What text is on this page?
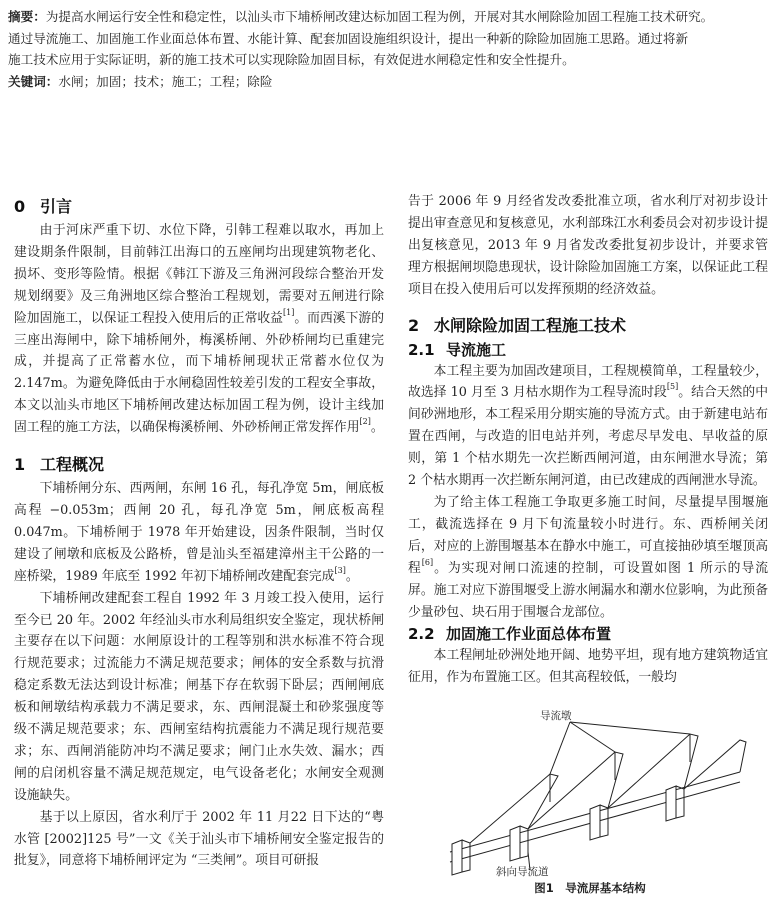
摘要：为提高水闸运行安全性和稳定性，以汕头市下埔桥闸改建达标加固工程为例，开展对其水闸除险加固工程施工技术研究。

通过导流施工、加固施工作业面总体布置、水能计算、配套加固设施组织设计，提出一种新的除险加固施工思路。通过将新

施工技术应用于实际证明，新的施工技术可以实现除险加固目标，有效促进水闸稳定性和安全性提升。

关键词：水闸；加固；技术；施工；工程；除险

0 引言

由于河床严重下切、水位下降，引韩工程难以取水，再加上建设期条件限制，目前韩江出海口的五座闸均出现建筑物老化、损坏、变形等险情。根据《韩江下游及三角洲河段综合整治开发规划纲要》及三角洲地区综合整治工程规划，需要对五闸进行除险加固施工，以保证工程投入使用后的正常收益[1]。而西溪下游的三座出海闸中，除下埔桥闸外，梅溪桥闸、外砂桥闸均已重建完成，并提高了正常蓄水位，而下埔桥闸现状正常蓄水位仅为 2.147m。为避免降低由于水闸稳固性较差引发的工程安全事故，本文以汕头市地区下埔桥闸改建达标加固工程为例，设计主线加固工程的施工方法，以确保梅溪桥闸、外砂桥闸正常发挥作用[2]。

1 工程概况

下埔桥闸分东、西两闸，东闸 16 孔，每孔净宽 5m，闸底板高程 −0.053m；西闸 20 孔，每孔净宽 5m，闸底板高程 0.047m。下埔桥闸于 1978 年开始建设，因条件限制，当时仅建设了闸墩和底板及公路桥，曾是汕头至福建漳州主干公路的一座桥梁，1989 年底至 1992 年初下埔桥闸改建配套完成[3]。

下埔桥闸改建配套工程自 1992 年 3 月竣工投入使用，运行至今已 20 年。2002 年经汕头市水利局组织安全鉴定，现状桥闸主要存在以下问题：水闸原设计的工程等别和洪水标准不符合现行规范要求；过流能力不满足规范要求；闸体的安全系数与抗滑稳定系数无法达到设计标准；闸基下存在软弱下卧层；西闸闸底板和闸墩结构承载力不满足要求，东、西闸混凝土和砂浆强度等级不满足规范要求；东、西闸室结构抗震能力不满足现行规范要求；东、西闸消能防冲均不满足要求；闸门止水失效、漏水；西闸的启闭机容量不满足规范规定，电气设备老化；水闸安全观测设施缺失。

基于以上原因，省水利厅于 2002 年 11 月22 日下达的“粤水管 [2002]125 号”一文《关于汕头市下埔桥闸安全鉴定报告的批复》，同意将下埔桥闸评定为 “三类闸”。项目可研报

告于 2006 年 9 月经省发改委批准立项，省水利厅对初步设计提出审查意见和复核意见，水利部珠江水利委员会对初步设计提出复核意见，2013 年 9 月省发改委批复初步设计，并要求管理方根据闸坝隐患现状，设计除险加固施工方案，以保证此工程项目在投入使用后可以发挥预期的经济效益。

2 水闸除险加固工程施工技术
2.1 导流施工

本工程主要为加固改建项目，工程规模简单，工程量较少，故选择 10 月至 3 月枯水期作为工程导流时段[5]。结合天然的中间砂洲地形，本工程采用分期实施的导流方式。由于新建电站布置在西闸，与改造的旧电站并列，考虑尽早发电、早收益的原则，第 1 个枯水期先一次拦断西闸河道，由东闸泄水导流；第 2 个枯水期再一次拦断东闸河道，由已改建成的西闸泄水导流。

为了给主体工程施工争取更多施工时间，尽量提早围堰施工，截流选择在 9 月下旬流量较小时进行。东、西桥闸关闭后，对应的上游围堰基本在静水中施工，可直接抽砂填至堰顶高程[6]。为实现对闸口流速的控制，可设置如图 1 所示的导流屏。施工对应下游围堰受上游水闸漏水和潮水位影响，为此预备少量砂包、块石用于围堰合龙部位。

2.2 加固施工作业面总体布置

本工程闸址砂洲处地开阔、地势平坦，现有地方建筑物适宜征用，作为布置施工区。但其高程较低，一般均

导流墩
斜向导流道
图1　导流屏基本结构
